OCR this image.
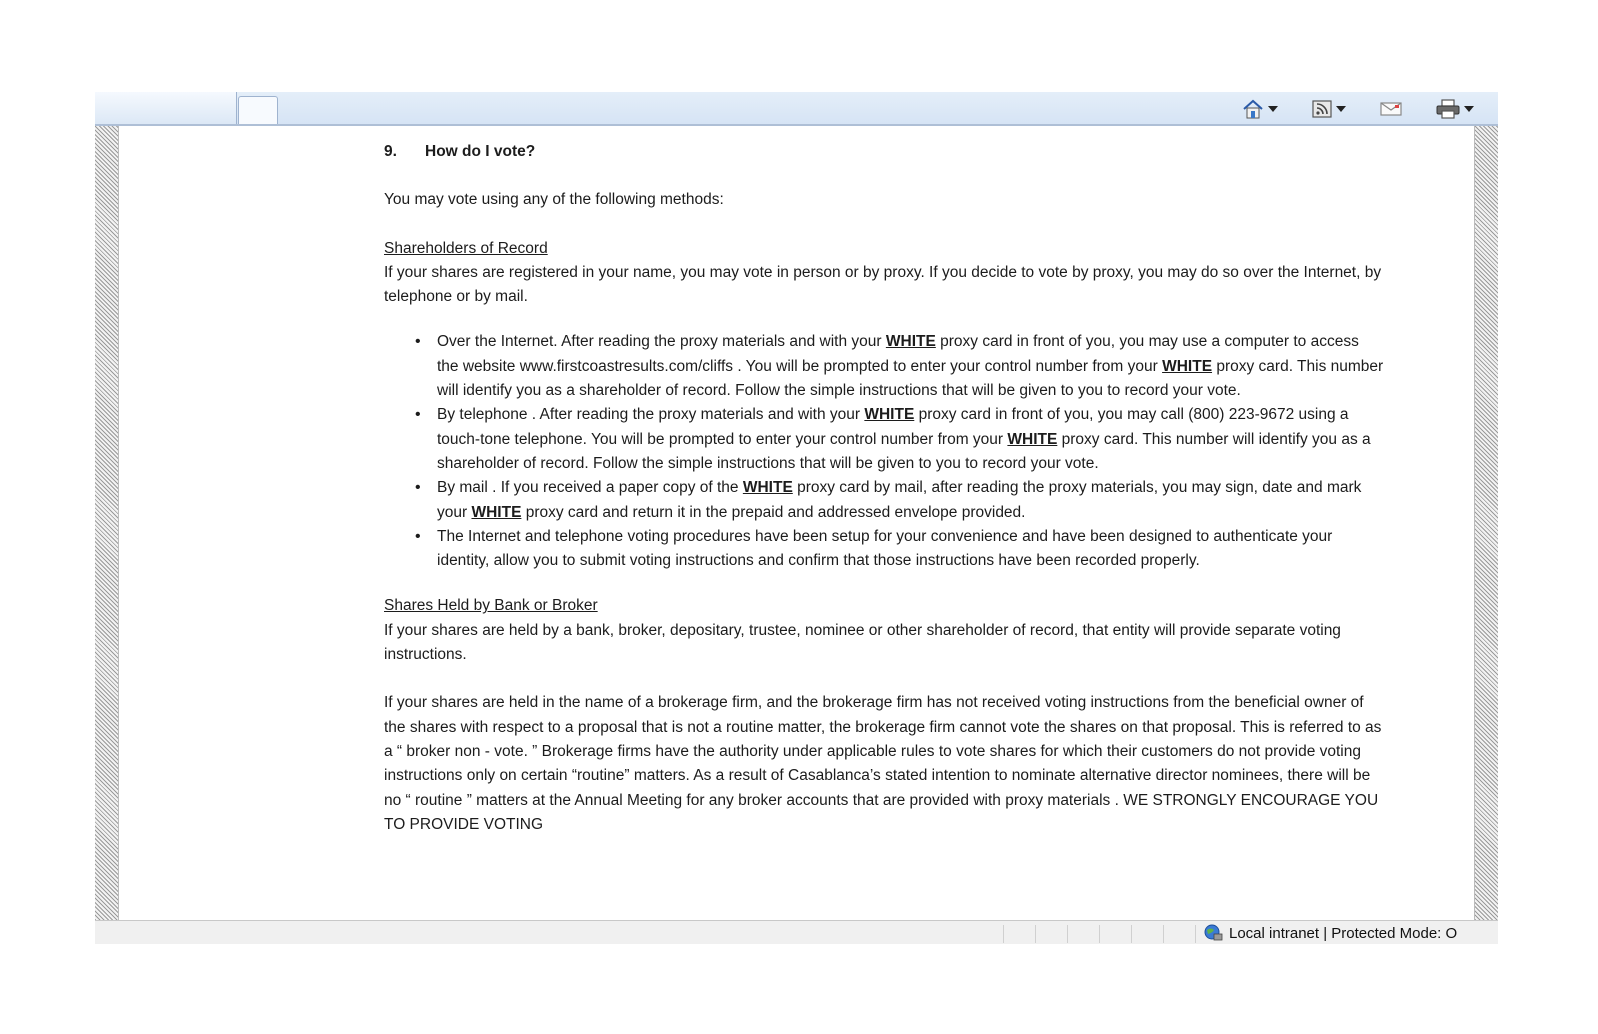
9. How do I vote?

You may vote using any of the following methods:

Shareholders of Record

If your shares are registered in your name, you may vote in person or by proxy. If you decide to vote by proxy, you may do so over the Internet, by telephone or by mail.

• Over the Internet. After reading the proxy materials and with your WHITE proxy card in front of you, you may use a computer to access the website www.firstcoastresults.com/cliffs . You will be prompted to enter your control number from your WHITE proxy card. This number will identify you as a shareholder of record. Follow the simple instructions that will be given to you to record your vote.
• By telephone . After reading the proxy materials and with your WHITE proxy card in front of you, you may call (800) 223-9672 using a touch-tone telephone. You will be prompted to enter your control number from your WHITE proxy card. This number will identify you as a shareholder of record. Follow the simple instructions that will be given to you to record your vote.
• By mail . If you received a paper copy of the WHITE proxy card by mail, after reading the proxy materials, you may sign, date and mark your WHITE proxy card and return it in the prepaid and addressed envelope provided.
• The Internet and telephone voting procedures have been setup for your convenience and have been designed to authenticate your identity, allow you to submit voting instructions and confirm that those instructions have been recorded properly.

Shares Held by Bank or Broker

If your shares are held by a bank, broker, depositary, trustee, nominee or other shareholder of record, that entity will provide separate voting instructions.

If your shares are held in the name of a brokerage firm, and the brokerage firm has not received voting instructions from the beneficial owner of the shares with respect to a proposal that is not a routine matter, the brokerage firm cannot vote the shares on that proposal. This is referred to as a “ broker non - vote. ” Brokerage firms have the authority under applicable rules to vote shares for which their customers do not provide voting instructions only on certain “routine” matters. As a result of Casablanca’s stated intention to nominate alternative director nominees, there will be no “ routine ” matters at the Annual Meeting for any broker accounts that are provided with proxy materials . WE STRONGLY ENCOURAGE YOU TO PROVIDE VOTING

Local intranet | Protected Mode: O
